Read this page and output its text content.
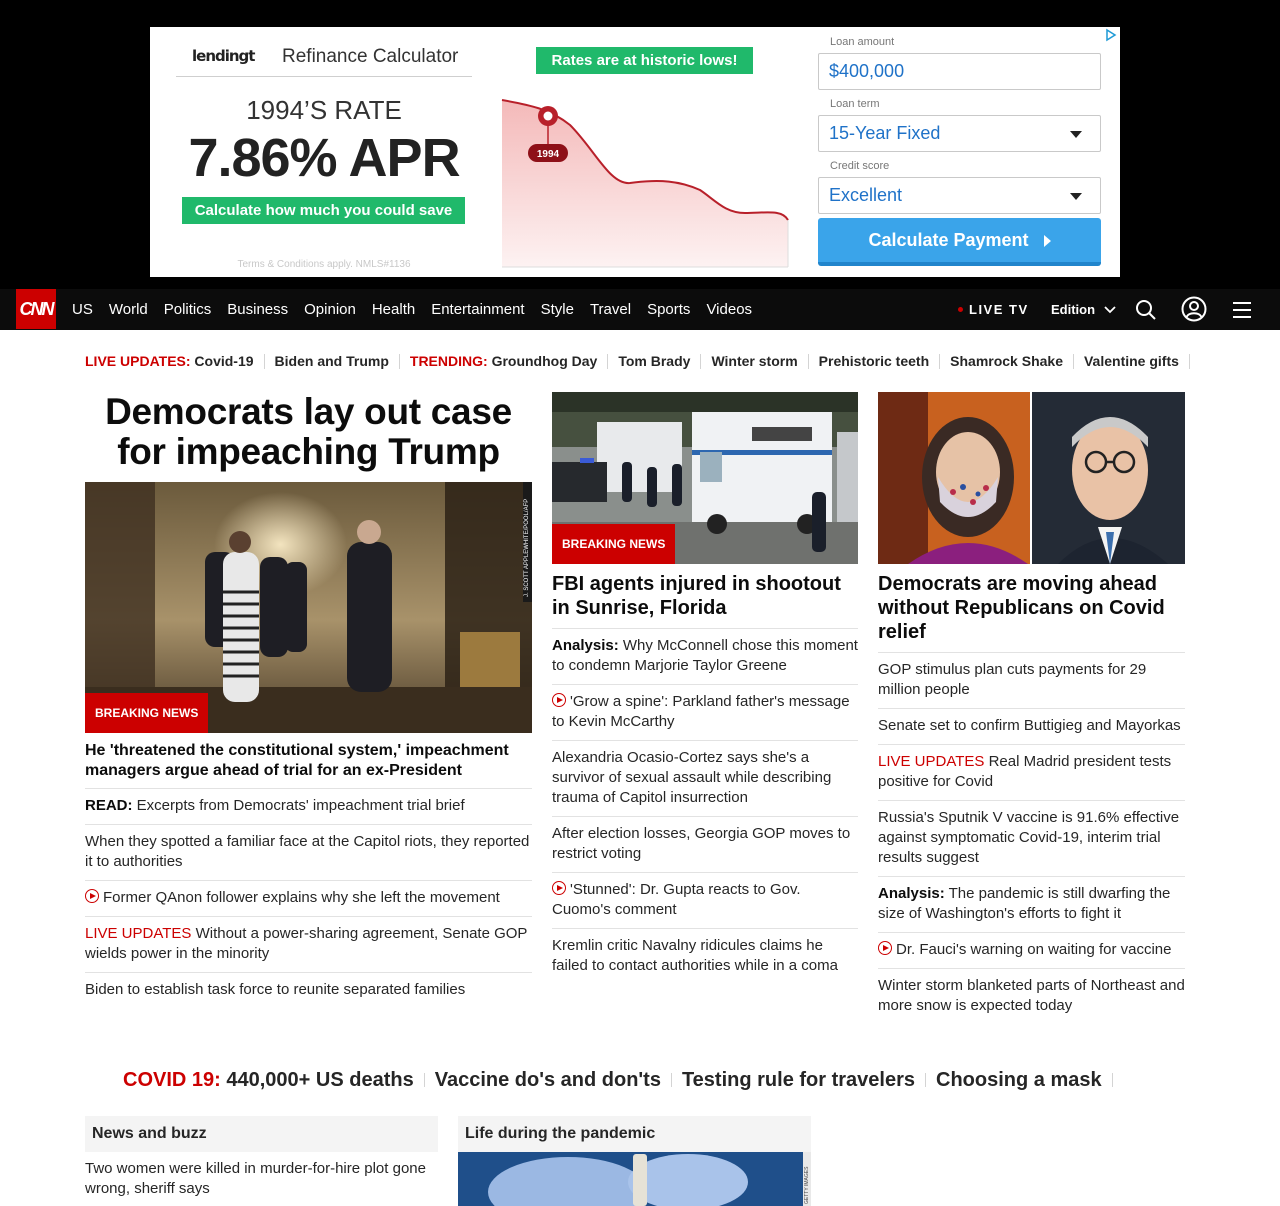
lendingt Refinance Calculator
1994’S RATE
7.86% APR
Calculate how much you could save
Terms & Conditions apply. NMLS#1136
Rates are at historic lows!
1994
Loan amount
$400,000
Loan term
15-Year Fixed
Credit score
Excellent
Calculate Payment
CNN	US	World	Politics	Business	Opinion	Health	Entertainment	Style	Travel	Sports	Videos	LIVE TV Edition
LIVE UPDATES:
Covid-19 Biden and Trump TRENDING:
Groundhog Day Tom Brady Winter storm Prehistoric teeth Shamrock Shake Valentine gifts
Democrats lay out case for impeaching Trump
J. SCOTT APPLEWHITE/POOL/AFP
BREAKING NEWS
He 'threatened the constitutional system,' impeachment managers argue ahead of trial for an ex-President
READ: Excerpts from Democrats' impeachment trial brief
When they spotted a familiar face at the Capitol riots, they reported it to authorities
Former QAnon follower explains why she left the movement
LIVE UPDATES Without a power-sharing agreement, Senate GOP wields power in the minority
Biden to establish task force to reunite separated families
BREAKING NEWS
FBI agents injured in shootout in Sunrise, Florida
Analysis: Why McConnell chose this moment to condemn Marjorie Taylor Greene
'Grow a spine': Parkland father's message to Kevin McCarthy
Alexandria Ocasio-Cortez says she's a survivor of sexual assault while describing trauma of Capitol insurrection
After election losses, Georgia GOP moves to restrict voting
'Stunned': Dr. Gupta reacts to Gov. Cuomo's comment
Kremlin critic Navalny ridicules claims he failed to contact authorities while in a coma
Democrats are moving ahead without Republicans on Covid relief
GOP stimulus plan cuts payments for 29 million people
Senate set to confirm Buttigieg and Mayorkas
LIVE UPDATES Real Madrid president tests positive for Covid
Russia's Sputnik V vaccine is 91.6% effective against symptomatic Covid-19, interim trial results suggest
Analysis: The pandemic is still dwarfing the size of Washington's efforts to fight it
Dr. Fauci's warning on waiting for vaccine
Winter storm blanketed parts of Northeast and more snow is expected today
COVID 19:
440,000+ US deaths Vaccine do's and don'ts Testing rule for travelers Choosing a mask
News and buzz
Two women were killed in murder-for-hire plot gone wrong, sheriff says
Life during the pandemic
GETTY IMAGES
